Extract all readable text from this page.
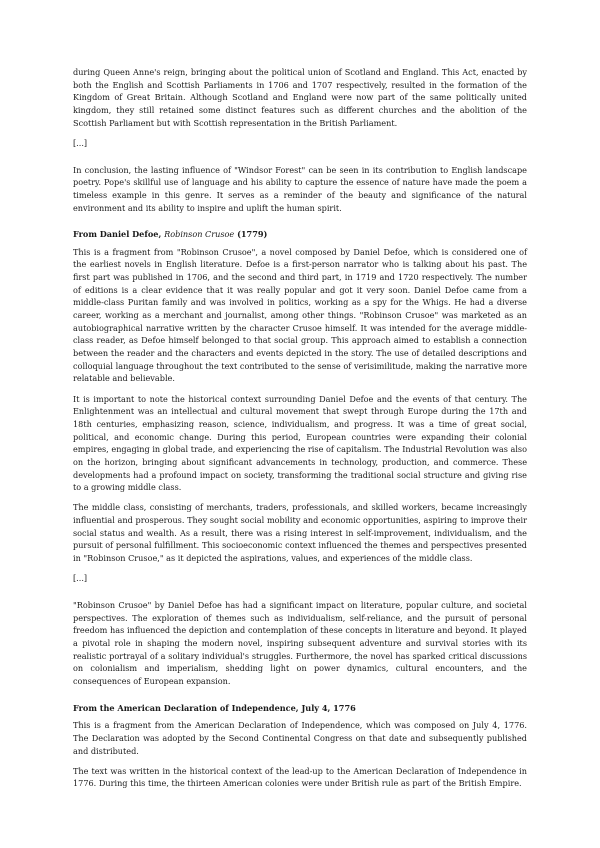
during Queen Anne's reign, bringing about the political union of Scotland and England. This Act, enacted by both the English and Scottish Parliaments in 1706 and 1707 respectively, resulted in the formation of the Kingdom of Great Britain. Although Scotland and England were now part of the same politically united kingdom, they still retained some distinct features such as different churches and the abolition of the Scottish Parliament but with Scottish representation in the British Parliament.

[...]

In conclusion, the lasting influence of "Windsor Forest" can be seen in its contribution to English landscape poetry. Pope's skillful use of language and his ability to capture the essence of nature have made the poem a timeless example in this genre. It serves as a reminder of the beauty and significance of the natural environment and its ability to inspire and uplift the human spirit.

From Daniel Defoe, Robinson Crusoe (1779)

This is a fragment from "Robinson Crusoe", a novel composed by Daniel Defoe, which is considered one of the earliest novels in English literature. Defoe is a first-person narrator who is talking about his past. The first part was published in 1706, and the second and third part, in 1719 and 1720 respectively. The number of editions is a clear evidence that it was really popular and got it very soon. Daniel Defoe came from a middle-class Puritan family and was involved in politics, working as a spy for the Whigs. He had a diverse career, working as a merchant and journalist, among other things. "Robinson Crusoe" was marketed as an autobiographical narrative written by the character Crusoe himself. It was intended for the average middle-class reader, as Defoe himself belonged to that social group. This approach aimed to establish a connection between the reader and the characters and events depicted in the story. The use of detailed descriptions and colloquial language throughout the text contributed to the sense of verisimilitude, making the narrative more relatable and believable.

It is important to note the historical context surrounding Daniel Defoe and the events of that century. The Enlightenment was an intellectual and cultural movement that swept through Europe during the 17th and 18th centuries, emphasizing reason, science, individualism, and progress. It was a time of great social, political, and economic change. During this period, European countries were expanding their colonial empires, engaging in global trade, and experiencing the rise of capitalism. The Industrial Revolution was also on the horizon, bringing about significant advancements in technology, production, and commerce. These developments had a profound impact on society, transforming the traditional social structure and giving rise to a growing middle class.

The middle class, consisting of merchants, traders, professionals, and skilled workers, became increasingly influential and prosperous. They sought social mobility and economic opportunities, aspiring to improve their social status and wealth. As a result, there was a rising interest in self-improvement, individualism, and the pursuit of personal fulfillment. This socioeconomic context influenced the themes and perspectives presented in "Robinson Crusoe," as it depicted the aspirations, values, and experiences of the middle class.

[...]

"Robinson Crusoe" by Daniel Defoe has had a significant impact on literature, popular culture, and societal perspectives. The exploration of themes such as individualism, self-reliance, and the pursuit of personal freedom has influenced the depiction and contemplation of these concepts in literature and beyond. It played a pivotal role in shaping the modern novel, inspiring subsequent adventure and survival stories with its realistic portrayal of a solitary individual's struggles. Furthermore, the novel has sparked critical discussions on colonialism and imperialism, shedding light on power dynamics, cultural encounters, and the consequences of European expansion.

From the American Declaration of Independence, July 4, 1776

This is a fragment from the American Declaration of Independence, which was composed on July 4, 1776. The Declaration was adopted by the Second Continental Congress on that date and subsequently published and distributed.

The text was written in the historical context of the lead-up to the American Declaration of Independence in 1776. During this time, the thirteen American colonies were under British rule as part of the British Empire.
